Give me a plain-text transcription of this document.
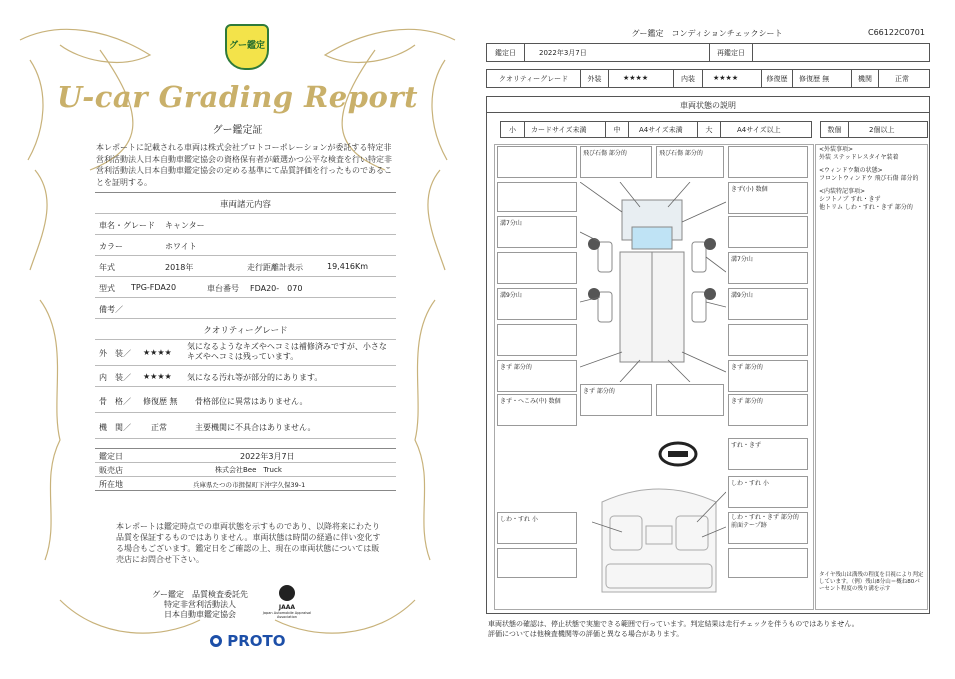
グー鑑定
U-car Grading Report
グー鑑定証
本レポートに記載される車両は株式会社プロトコーポレーションが委託する特定非営利活動法人日本自動車鑑定協会の資格保有者が厳選かつ公平な検査を行い特定非営利活動法人日本自動車鑑定協会の定める基準にて品質評価を行ったものであることを証明する。
車両諸元内容
車名・グレード キャンター
カラー	ホワイト
年式	2018年	走行距離計表示	19,416Km
型式 TPG-FDA20	車台番号 FDA20-　070
備考／
クオリティーグレード
外　装／ ★★★★
気になるようなキズやヘコミは補修済みですが、小さなキズやヘコミは残っています。
内　装／ ★★★★ 気になる汚れ等が部分的にあります。
骨　格／ 修復歴 無 骨格部位に異常はありません。
機　関／	正常	主要機関に不具合はありません。
鑑定日	2022年3月7日
販売店	株式会社Bee　Truck
所在地	兵庫県たつの市揖保町下沖字久保39-1
本レポートは鑑定時点での車両状態を示すものであり、以降将来にわたり品質を保証するものではありません。車両状態は時間の経過に伴い変化する場合もございます。鑑定日をご確認の上、現在の車両状態については販売店にお問合せ下さい。
グー鑑定　品質検査委託先
特定非営利活動法人
日本自動車鑑定協会
JAAA
Japan Automobile Appraisal Association
PROTO
グー鑑定　コンディションチェックシート	C66122C0701
鑑定日	2022年3月7日	再鑑定日
クオリティーグレード	外装	★★★★	内装	★★★★	修復歴	修復歴 無	機関	正常
車両状態の説明
小	カードサイズ未満	中	A4サイズ未満	大	A4サイズ以上	数個	2個以上
溝7分山
溝9分山
きず 部分的
きず・へこみ(中) 数個
しわ・すれ 小
飛び石傷 部分的	飛び石傷 部分的
きず(小) 数個
溝7分山
溝9分山
きず 部分的
きず 部分的
すれ・きず
しわ・すれ 小
しわ・すれ・きず 部分的
前面テープ跡
きず 部分的
<外装事項>
外装 ステッドレスタイヤ装着
<ウィンドウ類の状態>
フロントウィンドウ 飛び石傷 部分的
<内装特記事項>
シフトノブ すれ・きず
他トリム しわ・すれ・きず 部分的
タイヤ残山は溝残の程度を目視により判定しています。（例）残山8分山＝概ね80パーセント程度の残り溝を示す
車両状態の確認は、停止状態で実施できる範囲で行っています。判定結果は走行チェックを伴うものではありません。
評価については他検査機関等の評価と異なる場合があります。
